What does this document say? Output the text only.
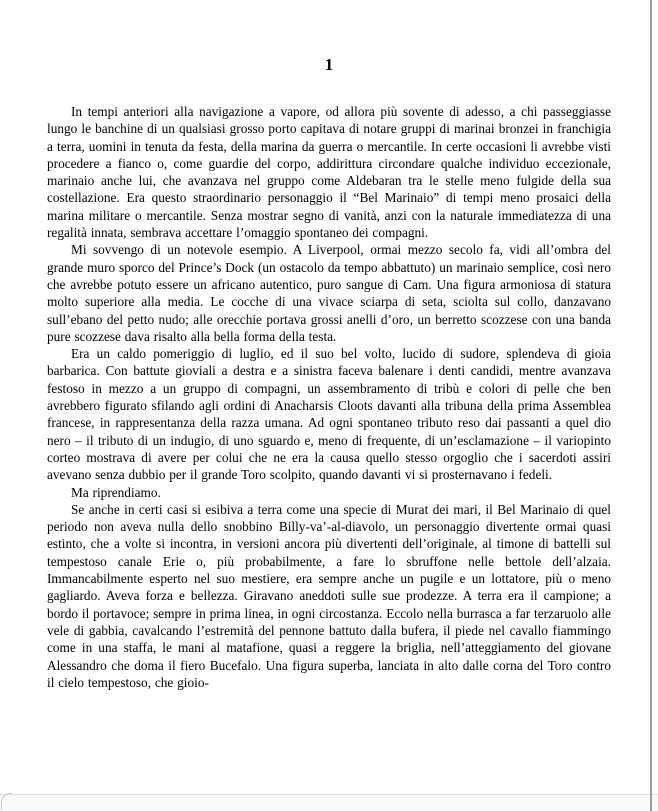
1

In tempi anteriori alla navigazione a vapore, od allora più sovente di adesso, a chi passeggiasse lungo le banchine di un qualsiasi grosso porto capitava di notare gruppi di marinai bronzei in franchigia a terra, uomini in tenuta da festa, della marina da guerra o mercantile. In certe occasioni li avrebbe visti procedere a fianco o, come guardie del corpo, addirittura circondare qualche individuo eccezionale, marinaio anche lui, che avanzava nel gruppo come Aldebaran tra le stelle meno fulgide della sua costellazione. Era questo straordinario personaggio il “Bel Marinaio” di tempi meno prosaici della marina militare o mercantile. Senza mostrar segno di vanità, anzi con la naturale immediatezza di una regalità innata, sembrava accettare l’omaggio spontaneo dei compagni.

Mi sovvengo di un notevole esempio. A Liverpool, ormai mezzo secolo fa, vidi all’ombra del grande muro sporco del Prince’s Dock (un ostacolo da tempo abbattuto) un marinaio semplice, così nero che avrebbe potuto essere un africano autentico, puro sangue di Cam. Una figura armoniosa di statura molto superiore alla media. Le cocche di una vivace sciarpa di seta, sciolta sul collo, danzavano sull’ebano del petto nudo; alle orecchie portava grossi anelli d’oro, un berretto scozzese con una banda pure scozzese dava risalto alla bella forma della testa.

Era un caldo pomeriggio di luglio, ed il suo bel volto, lucido di sudore, splendeva di gioia barbarica. Con battute gioviali a destra e a sinistra faceva balenare i denti candidi, mentre avanzava festoso in mezzo a un gruppo di compagni, un assembramento di tribù e colori di pelle che ben avrebbero figurato sfilando agli ordini di Anacharsis Cloots davanti alla tribuna della prima Assemblea francese, in rappresentanza della razza umana. Ad ogni spontaneo tributo reso dai passanti a quel dio nero – il tributo di un indugio, di uno sguardo e, meno di frequente, di un’esclamazione – il variopinto corteo mostrava di avere per colui che ne era la causa quello stesso orgoglio che i sacerdoti assiri avevano senza dubbio per il grande Toro scolpito, quando davanti vi si prosternavano i fedeli.

Ma riprendiamo.

Se anche in certi casi si esibiva a terra come una specie di Murat dei mari, il Bel Marinaio di quel periodo non aveva nulla dello snobbino Billy-va’-al-diavolo, un personaggio divertente ormai quasi estinto, che a volte si incontra, in versioni ancora più divertenti dell’originale, al timone di battelli sul tempestoso canale Erie o, più probabilmente, a fare lo sbruffone nelle bettole dell’alzaia. Immancabilmente esperto nel suo mestiere, era sempre anche un pugile e un lottatore, più o meno gagliardo. Aveva forza e bellezza. Giravano aneddoti sulle sue prodezze. A terra era il campione; a bordo il portavoce; sempre in prima linea, in ogni circostanza. Eccolo nella burrasca a far terzaruolo alle vele di gabbia, cavalcando l’estremità del pennone battuto dalla bufera, il piede nel cavallo fiammingo come in una staffa, le mani al matafione, quasi a reggere la briglia, nell’atteggiamento del giovane Alessandro che doma il fiero Bucefalo. Una figura superba, lanciata in alto dalle corna del Toro contro il cielo tempestoso, che gioio-
